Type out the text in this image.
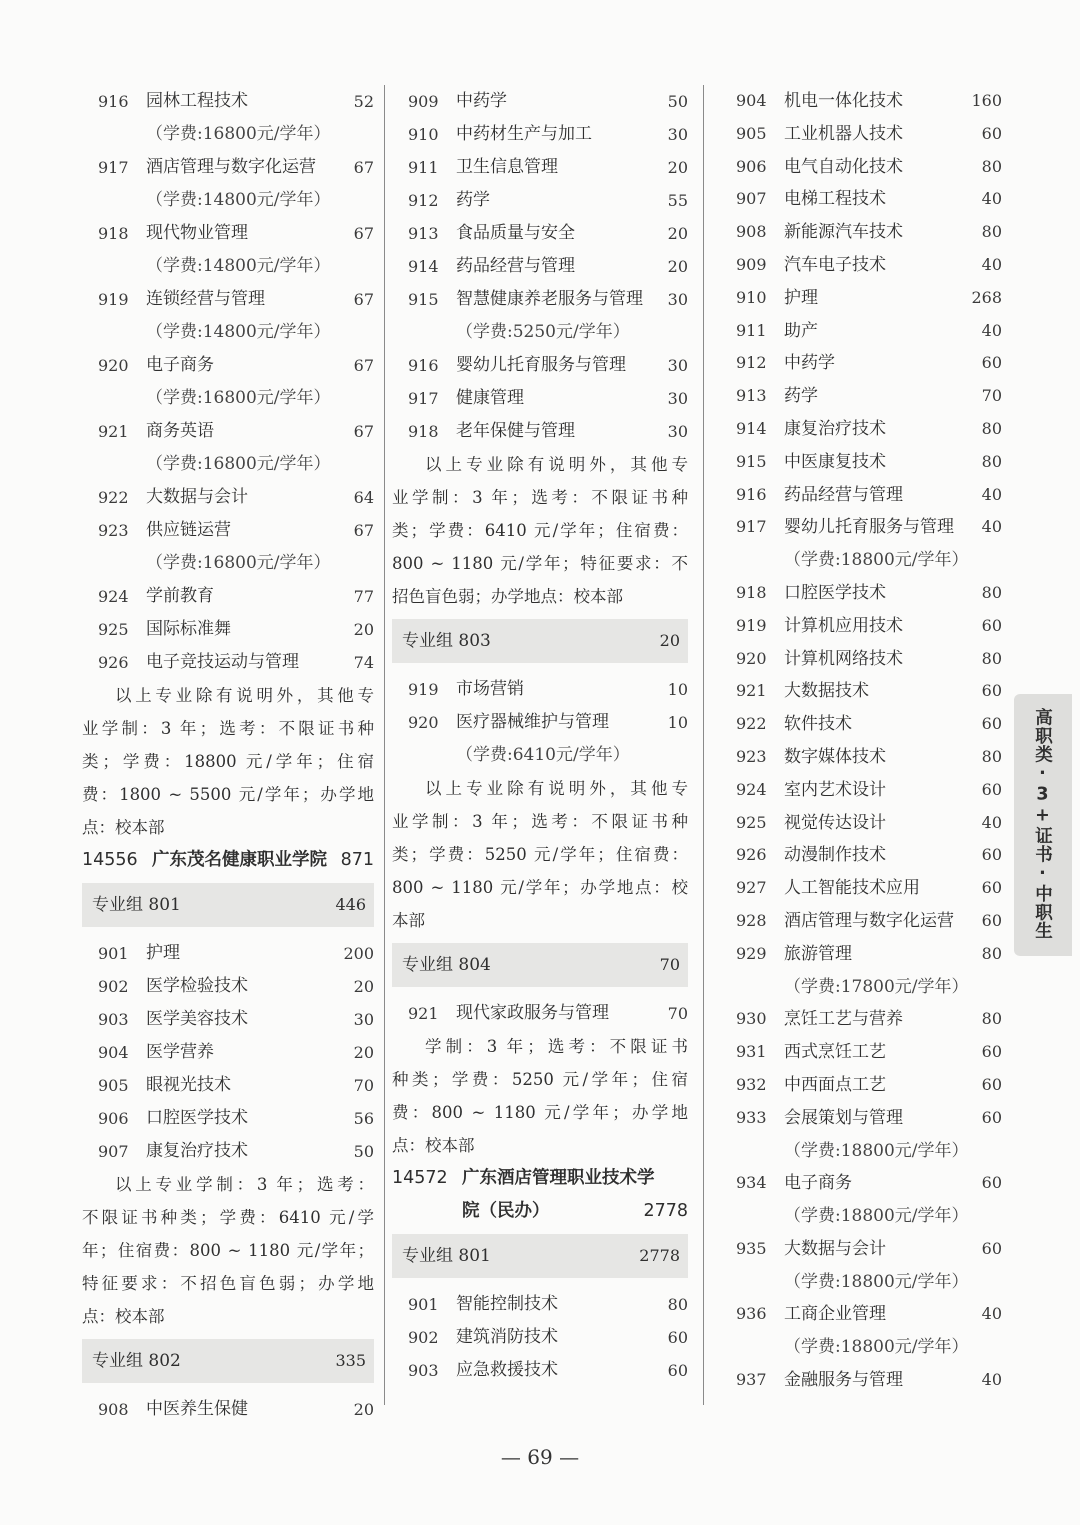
916	园林工程技术	52
（学费:16800元/学年）
917	酒店管理与数字化运营 67
（学费:14800元/学年）
918	现代物业管理	67
（学费:14800元/学年）
919	连锁经营与管理	67
（学费:14800元/学年）
920	电子商务	67
（学费:16800元/学年）
921	商务英语	67
（学费:16800元/学年）
922	大数据与会计	64
923	供应链运营	67
（学费:16800元/学年）
924	学前教育	77
925	国际标准舞	20
926	电子竞技运动与管理	74
以上专业除有说明外，其他专
业学制：3 年；选考：不限证书种
类；学费：18800 元/学年；住宿
费：1800 ~ 5500 元/学年；办学地
点：校本部
14556 广东茂名健康职业学院 871
专业组 801	446
901	护理	200
902	医学检验技术	20
903	医学美容技术	30
904	医学营养	20
905	眼视光技术	70
906	口腔医学技术	56
907	康复治疗技术	50
以上专业学制：3 年；选考：
不限证书种类；学费：6410 元/学
年；住宿费：800 ~ 1180 元/学年；
特征要求：不招色盲色弱；办学地
点：校本部
专业组 802	335
908	中医养生保健	20
909	中药学	50
910	中药材生产与加工	30
911	卫生信息管理	20
912	药学	55
913	食品质量与安全	20
914	药品经营与管理	20
915	智慧健康养老服务与管理 30
（学费:5250元/学年）
916	婴幼儿托育服务与管理	30
917	健康管理	30
918	老年保健与管理	30
以上专业除有说明外，其他专
业学制：3 年；选考：不限证书种
类；学费：6410 元/学年；住宿费：
800 ~ 1180 元/学年；特征要求：不
招色盲色弱；办学地点：校本部
专业组 803	20
919	市场营销	10
920	医疗器械维护与管理	10
（学费:6410元/学年）
以上专业除有说明外，其他专
业学制：3 年；选考：不限证书种
类；学费：5250 元/学年；住宿费：
800 ~ 1180 元/学年；办学地点：校
本部
专业组 804	70
921	现代家政服务与管理	70
学制：3 年；选考：不限证书
种类；学费：5250 元/学年；住宿
费：800 ~ 1180 元/学年；办学地
点：校本部
14572 广东酒店管理职业技术学
院（民办）	2778
专业组 801	2778
901	智能控制技术	80
902	建筑消防技术	60
903	应急救援技术	60
904	机电一体化技术	160
905	工业机器人技术	60
906	电气自动化技术	80
907	电梯工程技术	40
908	新能源汽车技术	80
909	汽车电子技术	40
910	护理	268
911	助产	40
912	中药学	60
913	药学	70
914	康复治疗技术	80
915	中医康复技术	80
916	药品经营与管理	40
917	婴幼儿托育服务与管理 40
（学费:18800元/学年）
918	口腔医学技术	80
919	计算机应用技术	60
920	计算机网络技术	80
921	大数据技术	60
922	软件技术	60
923	数字媒体技术	80
924	室内艺术设计	60
925	视觉传达设计	40
926	动漫制作技术	60
927	人工智能技术应用	60
928	酒店管理与数字化运营 60
929	旅游管理	80
（学费:17800元/学年）
930	烹饪工艺与营养	80
931	西式烹饪工艺	60
932	中西面点工艺	60
933	会展策划与管理	60
（学费:18800元/学年）
934	电子商务	60
（学费:18800元/学年）
935	大数据与会计	60
（学费:18800元/学年）
936	工商企业管理	40
（学费:18800元/学年）
937	金融服务与管理	40
高职类·3+证书·中职生
— 69 —
